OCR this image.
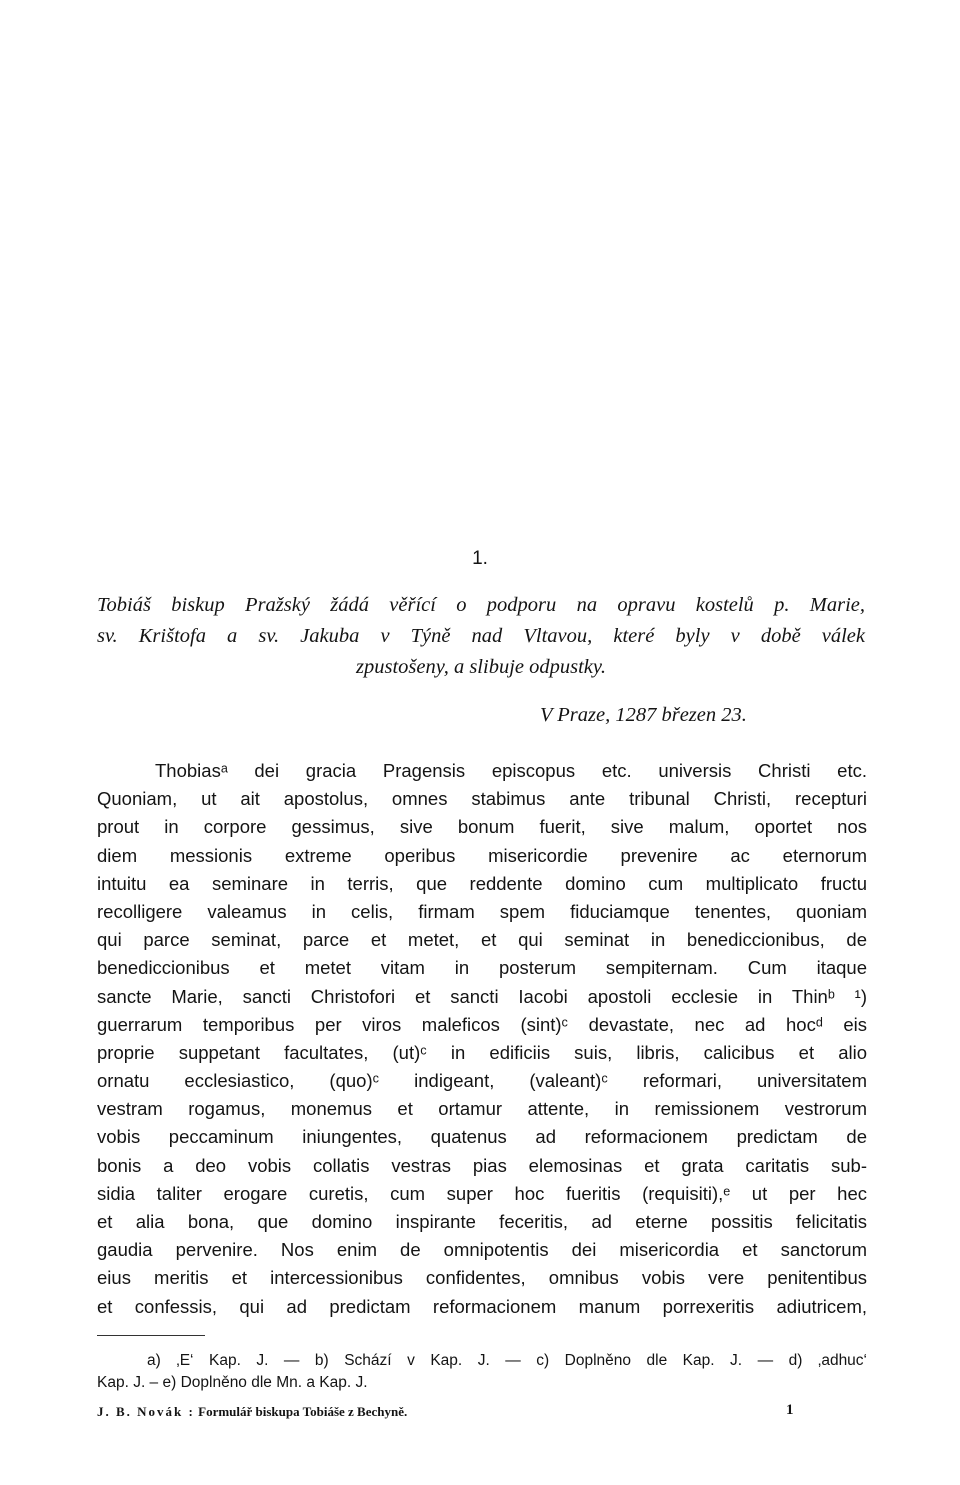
1.
Tobiáš biskup Pražský žádá věřící o podporu na opravu kostelů p. Marie,
sv. Krištofa a sv. Jakuba v Týně nad Vltavou, které byly v době válek
zpustošeny, a slibuje odpustky.
V Praze, 1287 březen 23.
Thobiasᵃ dei gracia Pragensis episcopus etc. universis Christi etc.
Quoniam, ut ait apostolus, omnes stabimus ante tribunal Christi, recepturi
prout in corpore gessimus, sive bonum fuerit, sive malum, oportet nos
diem messionis extreme operibus misericordie prevenire ac eternorum
intuitu ea seminare in terris, que reddente domino cum multiplicato fructu
recolligere valeamus in celis, firmam spem fiduciamque tenentes, quoniam
qui parce seminat, parce et metet, et qui seminat in benediccionibus, de
benediccionibus et metet vitam in posterum sempiternam. Cum itaque
sancte Marie, sancti Christofori et sancti Iacobi apostoli ecclesie in Thinᵇ ¹)
guerrarum temporibus per viros maleficos (sint)ᶜ devastate, nec ad hocᵈ eis
proprie suppetant facultates, (ut)ᶜ in edificiis suis, libris, calicibus et alio
ornatu ecclesiastico, (quo)ᶜ indigeant, (valeant)ᶜ reformari, universitatem
vestram rogamus, monemus et ortamur attente, in remissionem vestrorum
vobis peccaminum iniungentes, quatenus ad reformacionem predictam de
bonis a deo vobis collatis vestras pias elemosinas et grata caritatis sub-
sidia taliter erogare curetis, cum super hoc fueritis (requisiti),ᵉ ut per hec
et alia bona, que domino inspirante feceritis, ad eterne possitis felicitatis
gaudia pervenire. Nos enim de omnipotentis dei misericordia et sanctorum
eius meritis et intercessionibus confidentes, omnibus vobis vere penitentibus
et confessis, qui ad predictam reformacionem manum porrexeritis adiutricem,
a) ‚E‘ Kap. J. — b) Schází v Kap. J. — c) Doplněno dle Kap. J. — d) ‚adhuc‘
Kap. J. – e) Doplněno dle Mn. a Kap. J.
J. B. Novák : Formulář biskupa Tobiáše z Bechyně.	1
